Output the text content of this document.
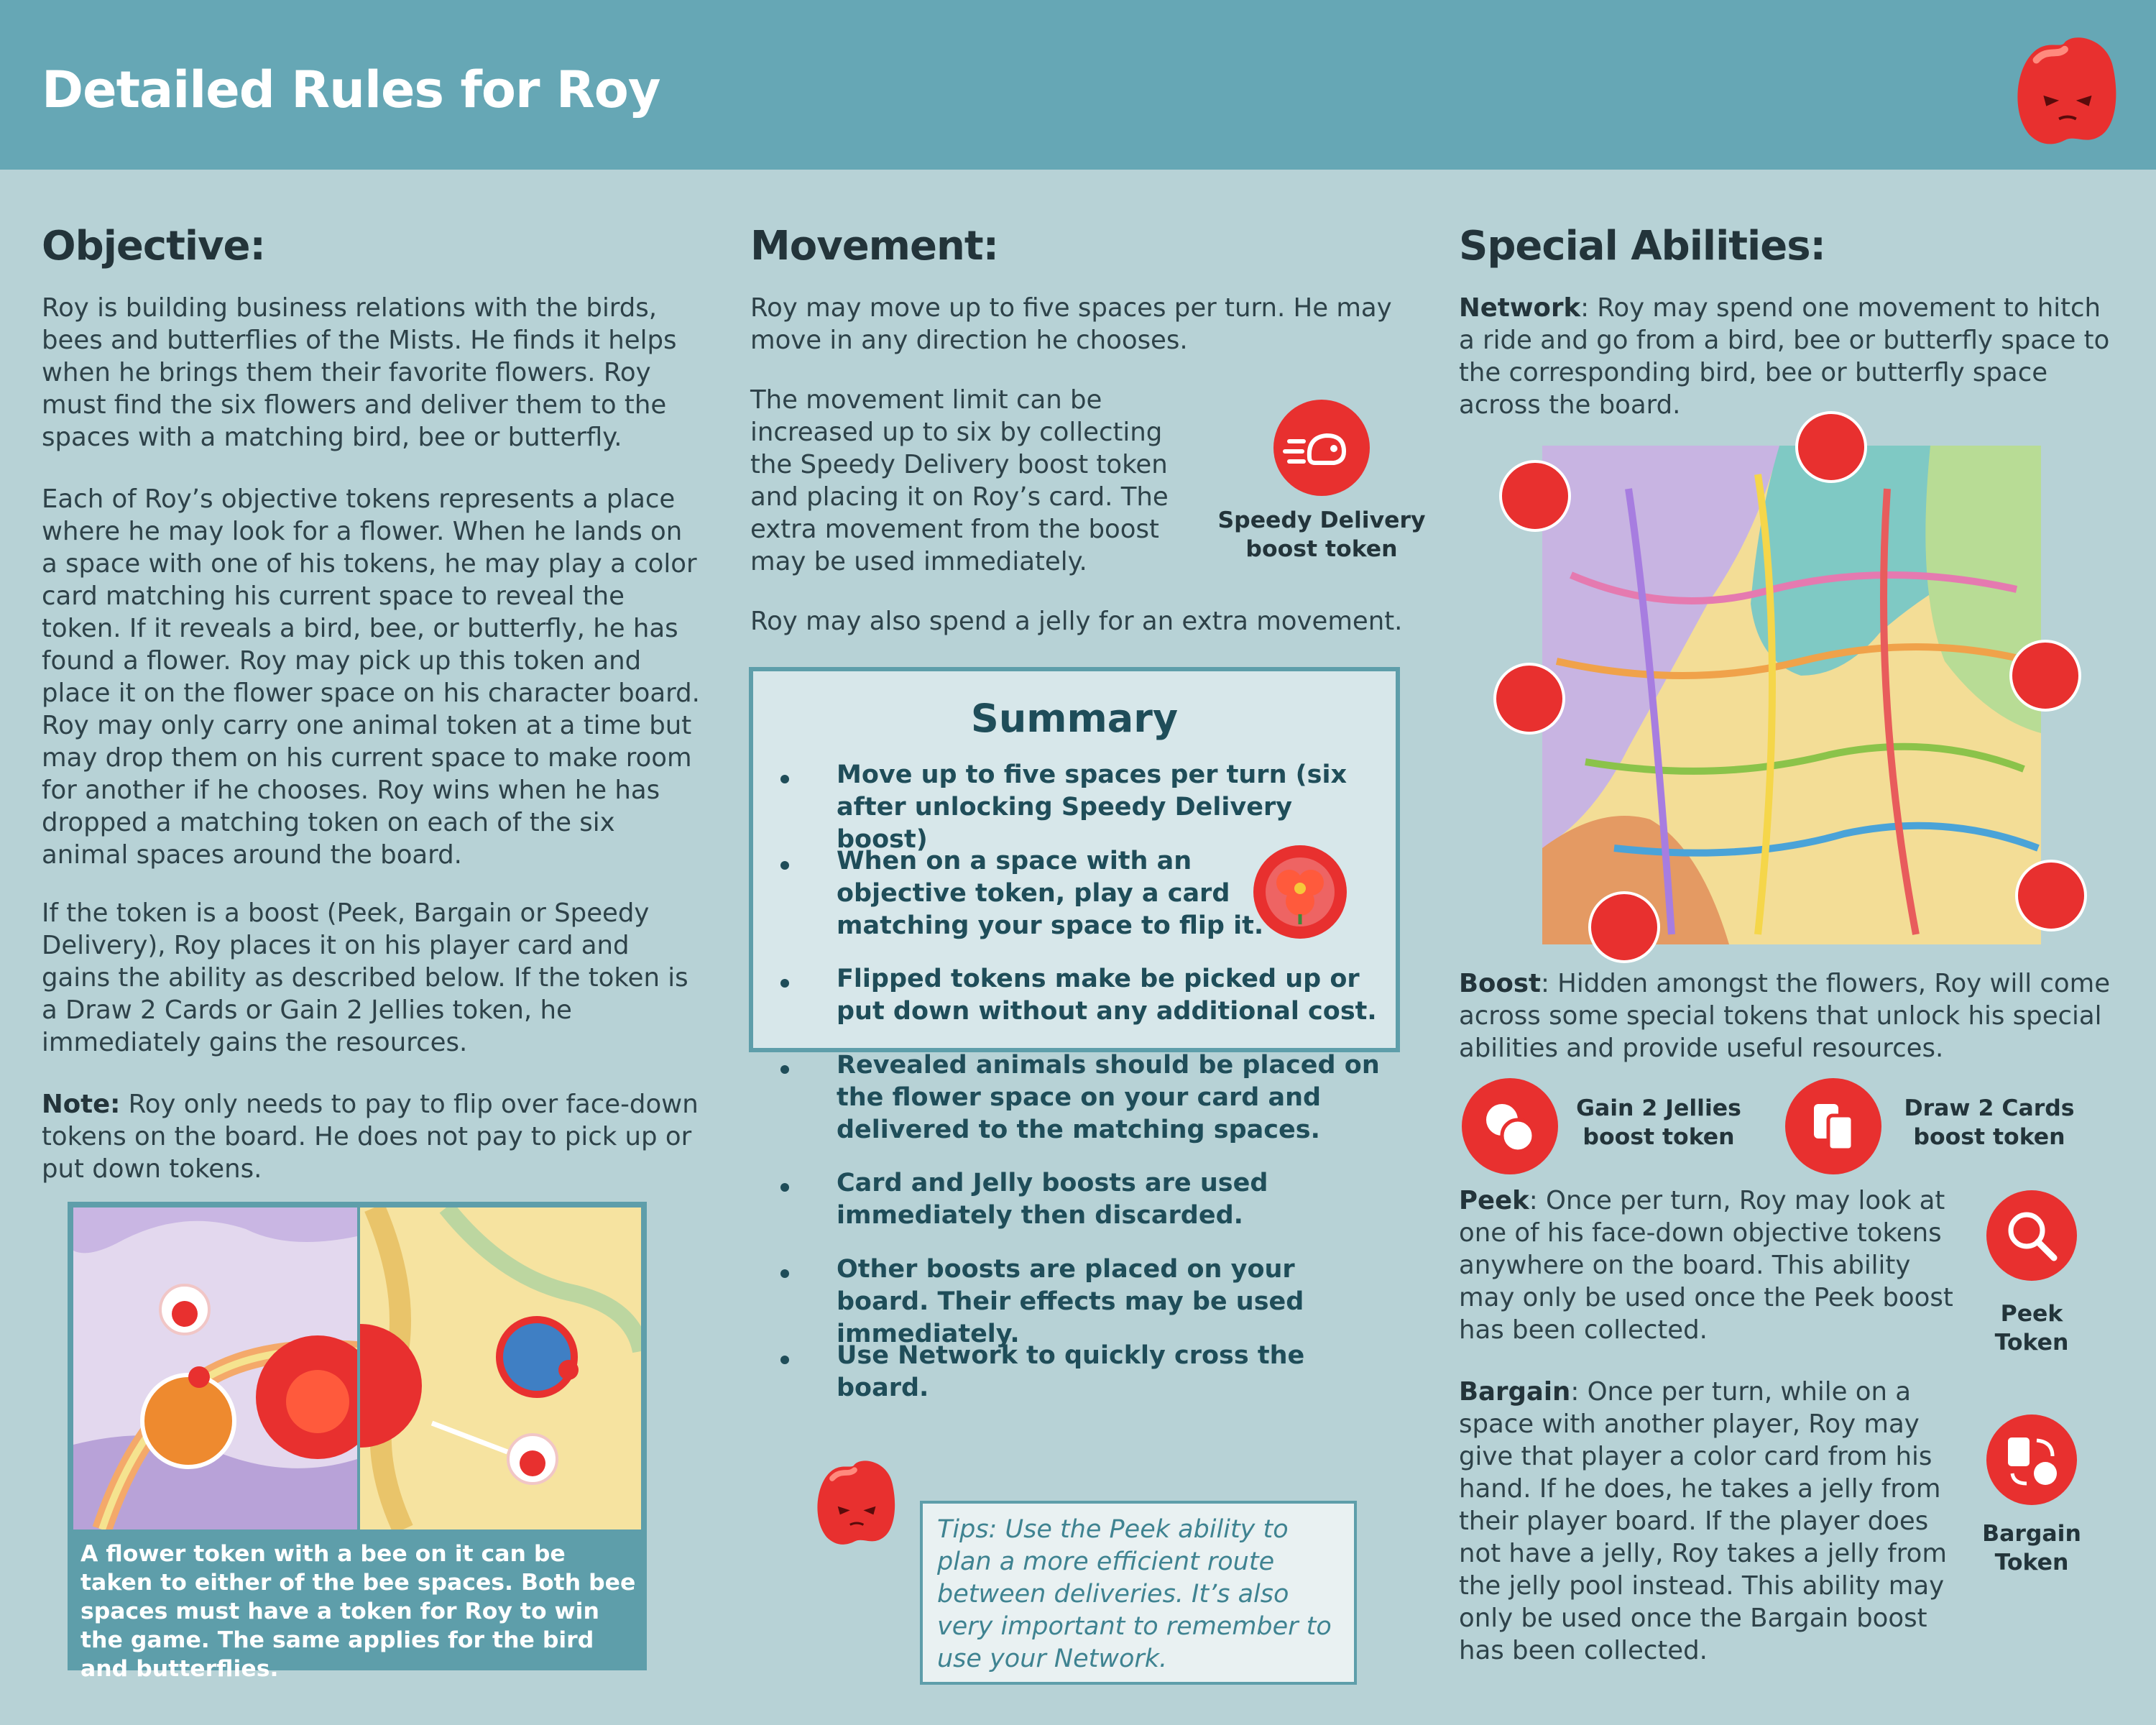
Detailed Rules for Roy
Objective:

Roy is building business relations with the birds, bees and butterflies of the Mists. He finds it helps when he brings them their favorite flowers. Roy must find the six flowers and deliver them to the spaces with a matching bird, bee or butterfly.

Each of Roy’s objective tokens represents a place where he may look for a flower. When he lands on a space with one of his tokens, he may play a color card matching his current space to reveal the token. If it reveals a bird, bee, or butterfly, he has found a flower. Roy may pick up this token and place it on the flower space on his character board. Roy may only carry one animal token at a time but may drop them on his current space to make room for another if he chooses. Roy wins when he has dropped a matching token on each of the six animal spaces around the board.

If the token is a boost (Peek, Bargain or Speedy Delivery), Roy places it on his player card and gains the ability as described below. If the token is a Draw 2 Cards or Gain 2 Jellies token, he immediately gains the resources.

Note: Roy only needs to pay to flip over face-down tokens on the board. He does not pay to pick up or put down tokens.

A flower token with a bee on it can be taken to either of the bee spaces. Both bee spaces must have a token for Roy to win the game. The same applies for the bird and butterflies.

Movement:

Roy may move up to five spaces per turn. He may move in any direction he chooses.

The movement limit can be increased up to six by collecting the Speedy Delivery boost token and placing it on Roy’s card. The extra movement from the boost may be used immediately.

Roy may also spend a jelly for an extra movement.

Speedy Delivery
boost token
Summary

Move up to five spaces per turn (six after unlocking Speedy Delivery boost)

When on a space with an objective token, play a card matching your space to flip it.

Flipped tokens make be picked up or put down without any additional cost.

Revealed animals should be placed on the flower space on your card and delivered to the matching spaces.

Card and Jelly boosts are used immediately then discarded.

Other boosts are placed on your board. Their effects may be used immediately.

Use Network to quickly cross the board.

Tips: Use the Peek ability to plan a more efficient route between deliveries. It’s also very important to remember to use your Network.

Special Abilities:

Network: Roy may spend one movement to hitch a ride and go from a bird, bee or butterfly space to the corresponding bird, bee or butterfly space across the board.

Boost: Hidden amongst the flowers, Roy will come across some special tokens that unlock his special abilities and provide useful resources.

Peek: Once per turn, Roy may look at one of his face-down objective tokens anywhere on the board. This ability may only be used once the Peek boost has been collected.

Bargain: Once per turn, while on a space with another player, Roy may give that player a color card from his hand. If he does, he takes a jelly from their player board. If the player does not have a jelly, Roy takes a jelly from the jelly pool instead. This ability may only be used once the Bargain boost has been collected.

Gain 2 Jellies
boost token
Draw 2 Cards
boost token
Peek
Token
Bargain
Token
